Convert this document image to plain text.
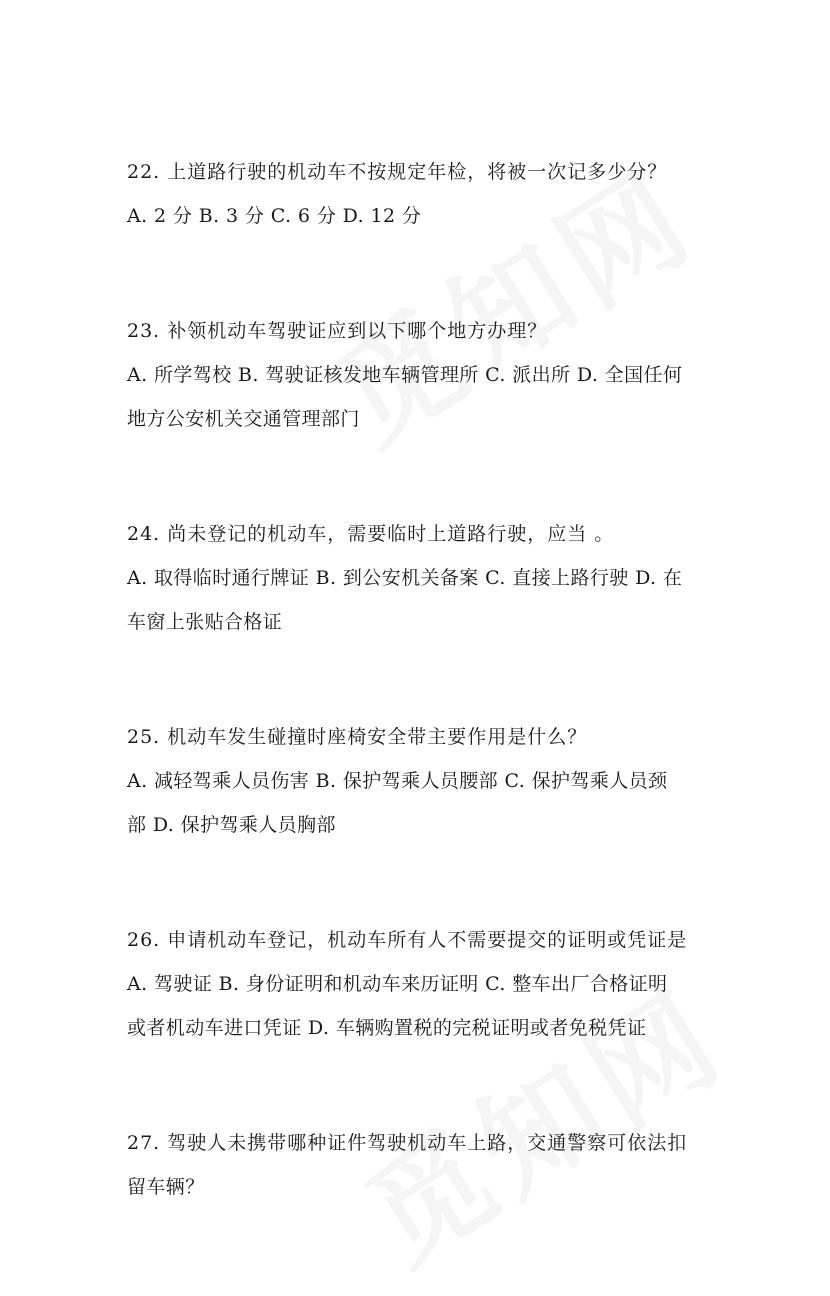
22. 上道路行驶的机动车不按规定年检，将被一次记多少分？

A. 2 分 B. 3 分 C. 6 分 D. 12 分

23. 补领机动车驾驶证应到以下哪个地方办理？

A. 所学驾校 B. 驾驶证核发地车辆管理所 C. 派出所 D. 全国任何

地方公安机关交通管理部门

24. 尚未登记的机动车，需要临时上道路行驶，应当 。

A. 取得临时通行牌证 B. 到公安机关备案 C. 直接上路行驶 D. 在

车窗上张贴合格证

25. 机动车发生碰撞时座椅安全带主要作用是什么？

A. 减轻驾乘人员伤害 B. 保护驾乘人员腰部 C. 保护驾乘人员颈

部 D. 保护驾乘人员胸部

26. 申请机动车登记，机动车所有人不需要提交的证明或凭证是

A. 驾驶证 B. 身份证明和机动车来历证明 C. 整车出厂合格证明

或者机动车进口凭证 D. 车辆购置税的完税证明或者免税凭证

27. 驾驶人未携带哪种证件驾驶机动车上路，交通警察可依法扣

留车辆？
